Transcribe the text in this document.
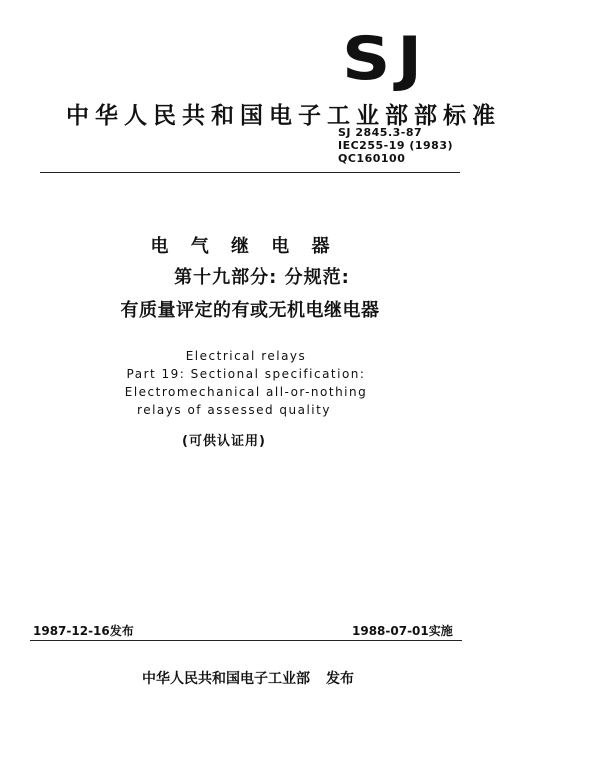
SJ
中华人民共和国电子工业部部标准
SJ 2845.3-87
IEC255-19 (1983)
QC160100
电 气 继 电 器
第十九部分: 分规范:
有质量评定的有或无机电继电器
Electrical relays
Part 19: Sectional specification:
Electromechanical all-or-nothing
relays of assessed quality
(可供认证用)
1987-12-16发布	1988-07-01实施
中华人民共和国电子工业部 发布
